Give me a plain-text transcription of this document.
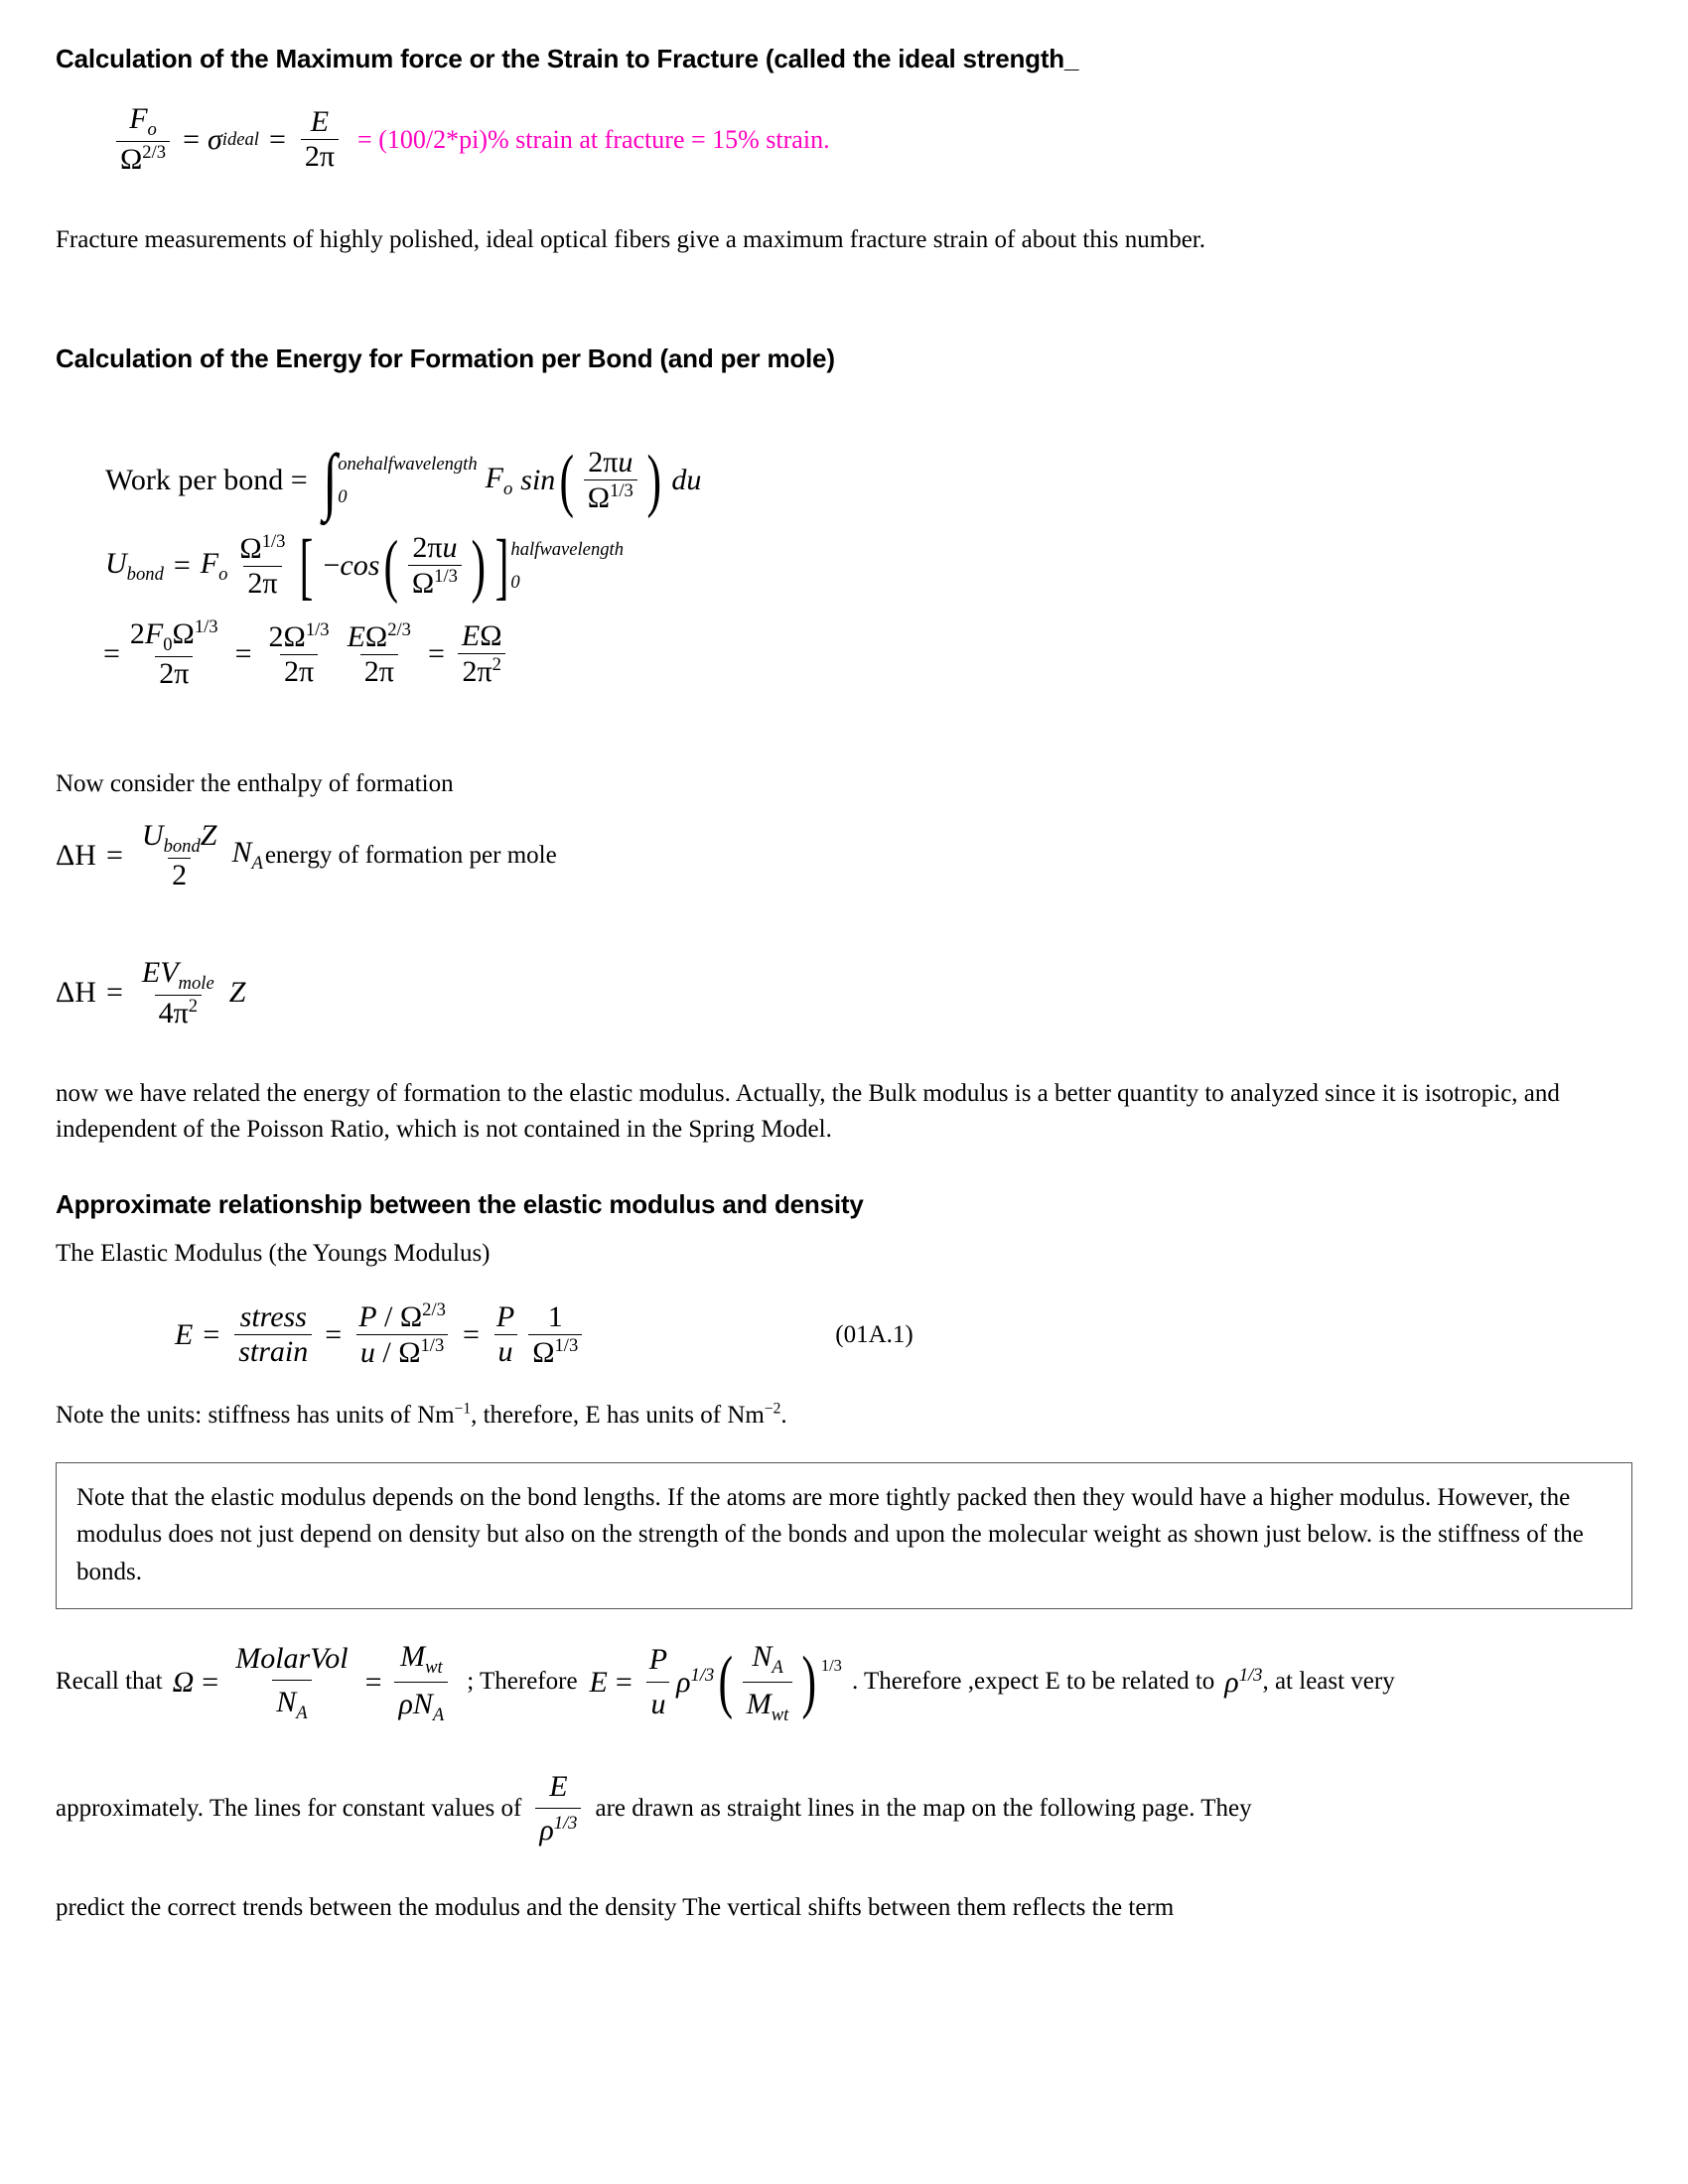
Calculation of the Maximum force or the Strain to Fracture (called the ideal strength_
$\frac{F_o}{\Omega^{2/3}} = \sigma$ ideal = $\frac{E}{2\pi} = (100/2*pi)\%$ strain at fracture = 15% strain.

Fracture measurements of highly polished, ideal optical fibers give a maximum fracture strain of about this number.

Calculation of the Energy for Formation per Bond (and per mole)
Work per bond = ∫ onehalfwavelength
0
$F_o$ sin ( $\frac{2\pi u}{\Omega^{1/3}}$ ) du
$U_{bond} = F_o \frac{\Omega^{1/3}}{2\pi}$ [ −cos ( $\frac{2\pi u}{\Omega^{1/3}}$ ) ] halfwavelength
0
= $\frac{2F_0\Omega^{1/3}}{2\pi} = \frac{2\Omega^{1/3}}{2\pi} \frac{E\Omega^{2/3}}{2\pi} = \frac{E\Omega}{2\pi^2}$

Now consider the enthalpy of formation

$\Delta H = \frac{U_{bond}Z}{2} N_A$ energy of formation per mole
$\Delta H = \frac{EV_{mole}}{4\pi^2}$ Z

now we have related the energy of formation to the elastic modulus. Actually, the Bulk modulus is a better quantity to analyzed since it is isotropic, and independent of the Poisson Ratio, which is not contained in the Spring Model.

Approximate relationship between the elastic modulus and density

The Elastic Modulus (the Youngs Modulus)

$E = \frac{\text{stress}}{\text{strain}} = \frac{P / \Omega^{2/3}}{u / \Omega^{1/3}} = \frac{P}{u} \frac{1}{\Omega^{1/3}}$	(01A.1)

Note the units: stiffness has units of $Nm^{-1}$, therefore, E has units of $Nm^{-2}$.

Note that the elastic modulus depends on the bond lengths. If the atoms are more tightly packed then they would have a higher modulus. However, the modulus does not just depend on density but also on the strength of the bonds and upon the molecular weight as shown just below. is the stiffness of the bonds.
Recall that $\Omega = \frac{\text{MolarVol}}{N_A} = \frac{M_{wt}}{\rho N_A}$ ; Therefore $E = \frac{P}{u} \rho^{1/3}$ ( $\frac{N_A}{M_{wt}}$ ) 1/3
. Therefore ,expect E to be related to $\rho^{1/3}$ , at least very
approximately. The lines for constant values of $\frac{E}{\rho^{1/3}}$ are drawn as straight lines in the map on the following page. They

predict the correct trends between the modulus and the density The vertical shifts between them reflects the term
